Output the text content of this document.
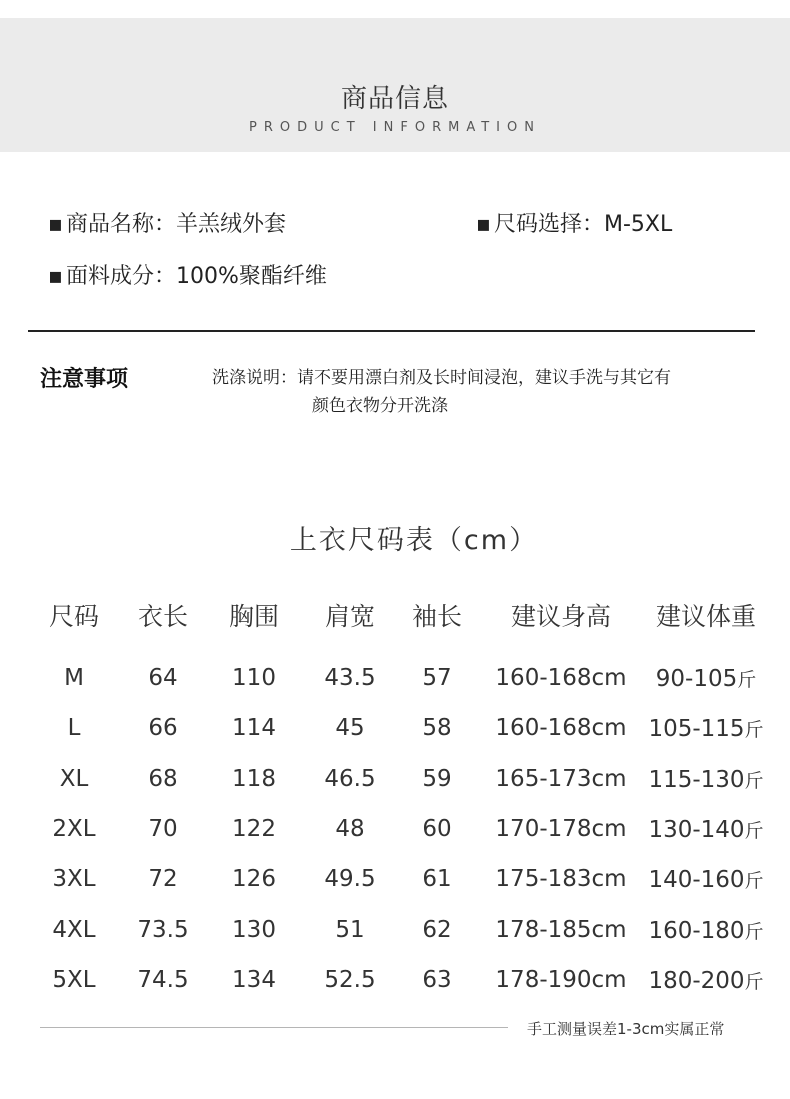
商品信息
PRODUCT INFORMATION
▪ 商品名称：羊羔绒外套	▪ 尺码选择：M-5XL
▪ 面料成分：100%聚酯纤维
注意事项	洗涤说明：请不要用漂白剂及长时间浸泡，建议手洗与其它有
颜色衣物分开洗涤
上衣尺码表（cm）
尺码 衣长 胸围 肩宽 袖长 建议身高 建议体重
M	64 110 43.5 57 160-168cm 90-105斤
L	66 114	45	58 160-168cm 105-115斤
XL	68 118 46.5 59 165-173cm 115-130斤
2XL 70 122	48	60 170-178cm 130-140斤
3XL 72 126 49.5 61 175-183cm 140-160斤
4XL 73.5 130	51	62 178-185cm 160-180斤
5XL 74.5 134 52.5 63 178-190cm 180-200斤
手工测量误差1-3cm实属正常
